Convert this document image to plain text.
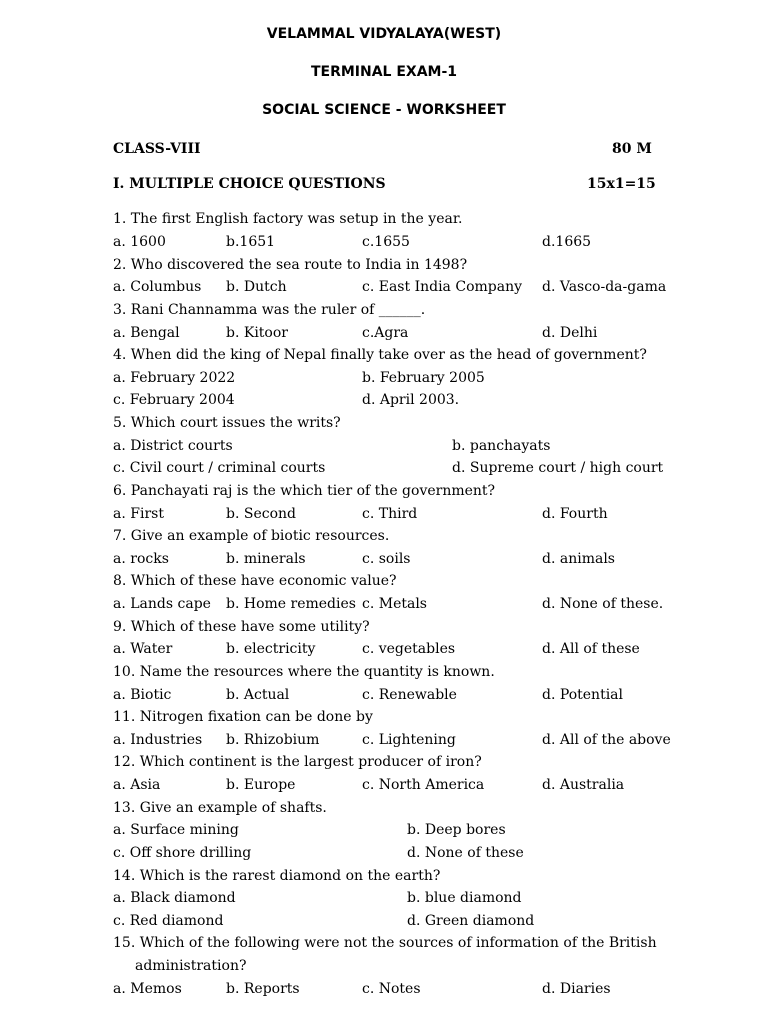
VELAMMAL VIDYALAYA(WEST)
TERMINAL EXAM-1
SOCIAL SCIENCE - WORKSHEET
CLASS-VIII	80 M
I. MULTIPLE CHOICE QUESTIONS	15x1=15
1. The first English factory was setup in the year.
a. 1600	b.1651	c.1655	d.1665
2. Who discovered the sea route to India in 1498?
a. Columbus b. Dutch	c. East India Company d. Vasco-da-gama
3. Rani Channamma was the ruler of ______.
a. Bengal	b. Kitoor	c.Agra	d. Delhi
4. When did the king of Nepal finally take over as the head of government?
a. February 2022	b. February 2005
c. February 2004	d. April 2003.
5. Which court issues the writs?
a. District courts	b. panchayats
c. Civil court / criminal courts	d. Supreme court / high court
6. Panchayati raj is the which tier of the government?
a. First	b. Second	c. Third	d. Fourth
7. Give an example of biotic resources.
a. rocks	b. minerals	c. soils	d. animals
8. Which of these have economic value?
a. Lands cape b. Home remedies c. Metals	d. None of these.
9. Which of these have some utility?
a. Water	b. electricity	c. vegetables	d. All of these
10. Name the resources where the quantity is known.
a. Biotic	b. Actual	c. Renewable	d. Potential
11. Nitrogen fixation can be done by
a. Industries b. Rhizobium	c. Lightening	d. All of the above
12. Which continent is the largest producer of iron?
a. Asia	b. Europe	c. North America	d. Australia
13. Give an example of shafts.
a. Surface mining	b. Deep bores
c. Off shore drilling	d. None of these
14. Which is the rarest diamond on the earth?
a. Black diamond	b. blue diamond
c. Red diamond	d. Green diamond
15. Which of the following were not the sources of information of the British
administration?
a. Memos	b. Reports	c. Notes	d. Diaries
